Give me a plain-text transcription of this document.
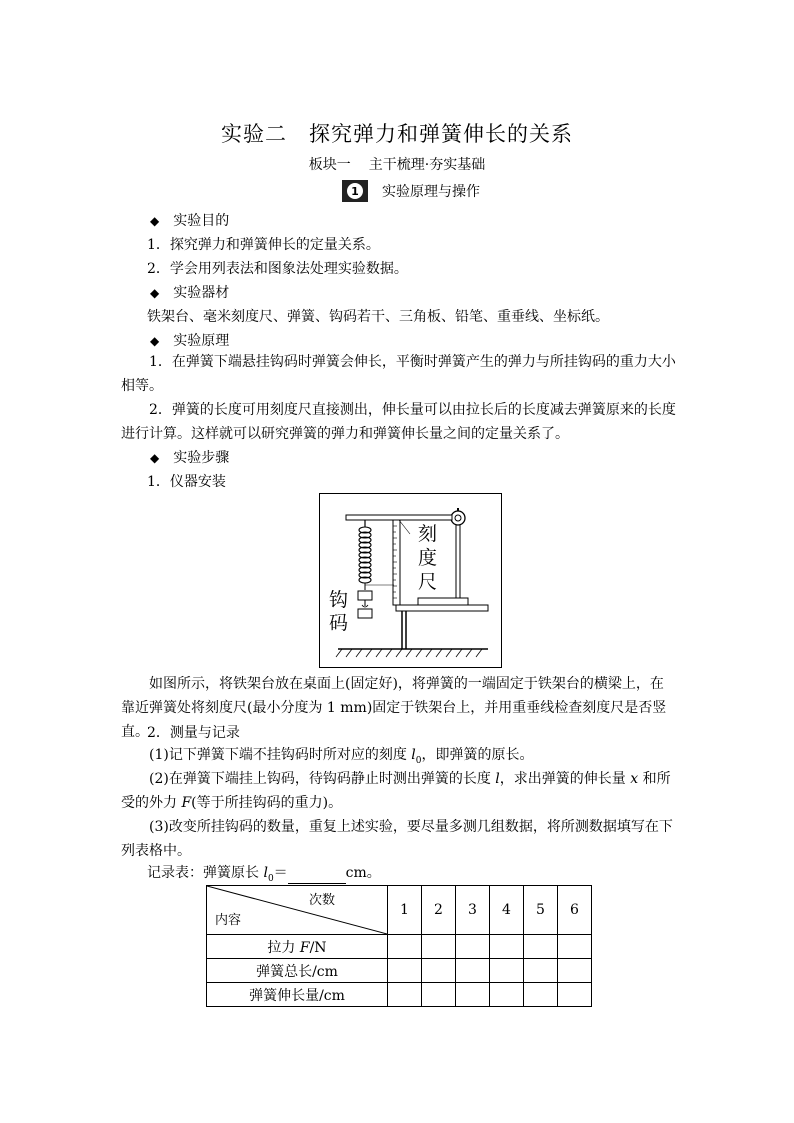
实验二 探究弹力和弹簧伸长的关系
板块一 主干梳理·夯实基础
1 实验原理与操作
◆ 实验目的
1．探究弹力和弹簧伸长的定量关系。
2．学会用列表法和图象法处理实验数据。
◆ 实验器材
铁架台、毫米刻度尺、弹簧、钩码若干、三角板、铅笔、重垂线、坐标纸。
◆ 实验原理
1．在弹簧下端悬挂钩码时弹簧会伸长，平衡时弹簧产生的弹力与所挂钩码的重力大小相等。
2．弹簧的长度可用刻度尺直接测出，伸长量可以由拉长后的长度减去弹簧原来的长度进行计算。这样就可以研究弹簧的弹力和弹簧伸长量之间的定量关系了。
◆ 实验步骤
1．仪器安装
刻
度
尺
钩
码
如图所示，将铁架台放在桌面上(固定好)，将弹簧的一端固定于铁架台的横梁上，在靠近弹簧处将刻度尺(最小分度为 1 mm)固定于铁架台上，并用重垂线检查刻度尺是否竖直。
2．测量与记录
(1)记下弹簧下端不挂钩码时所对应的刻度 $l_0$，即弹簧的原长。
(2)在弹簧下端挂上钩码，待钩码静止时测出弹簧的长度 l，求出弹簧的伸长量 x 和所受的外力 F(等于所挂钩码的重力)。
(3)改变所挂钩码的数量，重复上述实验，要尽量多测几组数据，将所测数据填写在下列表格中。
记录表：弹簧原长 $l_0=$	cm。
次数
内容	1	2	3	4	5	6
拉力 F/N						
弹簧总长/cm						
弹簧伸长量/cm						
